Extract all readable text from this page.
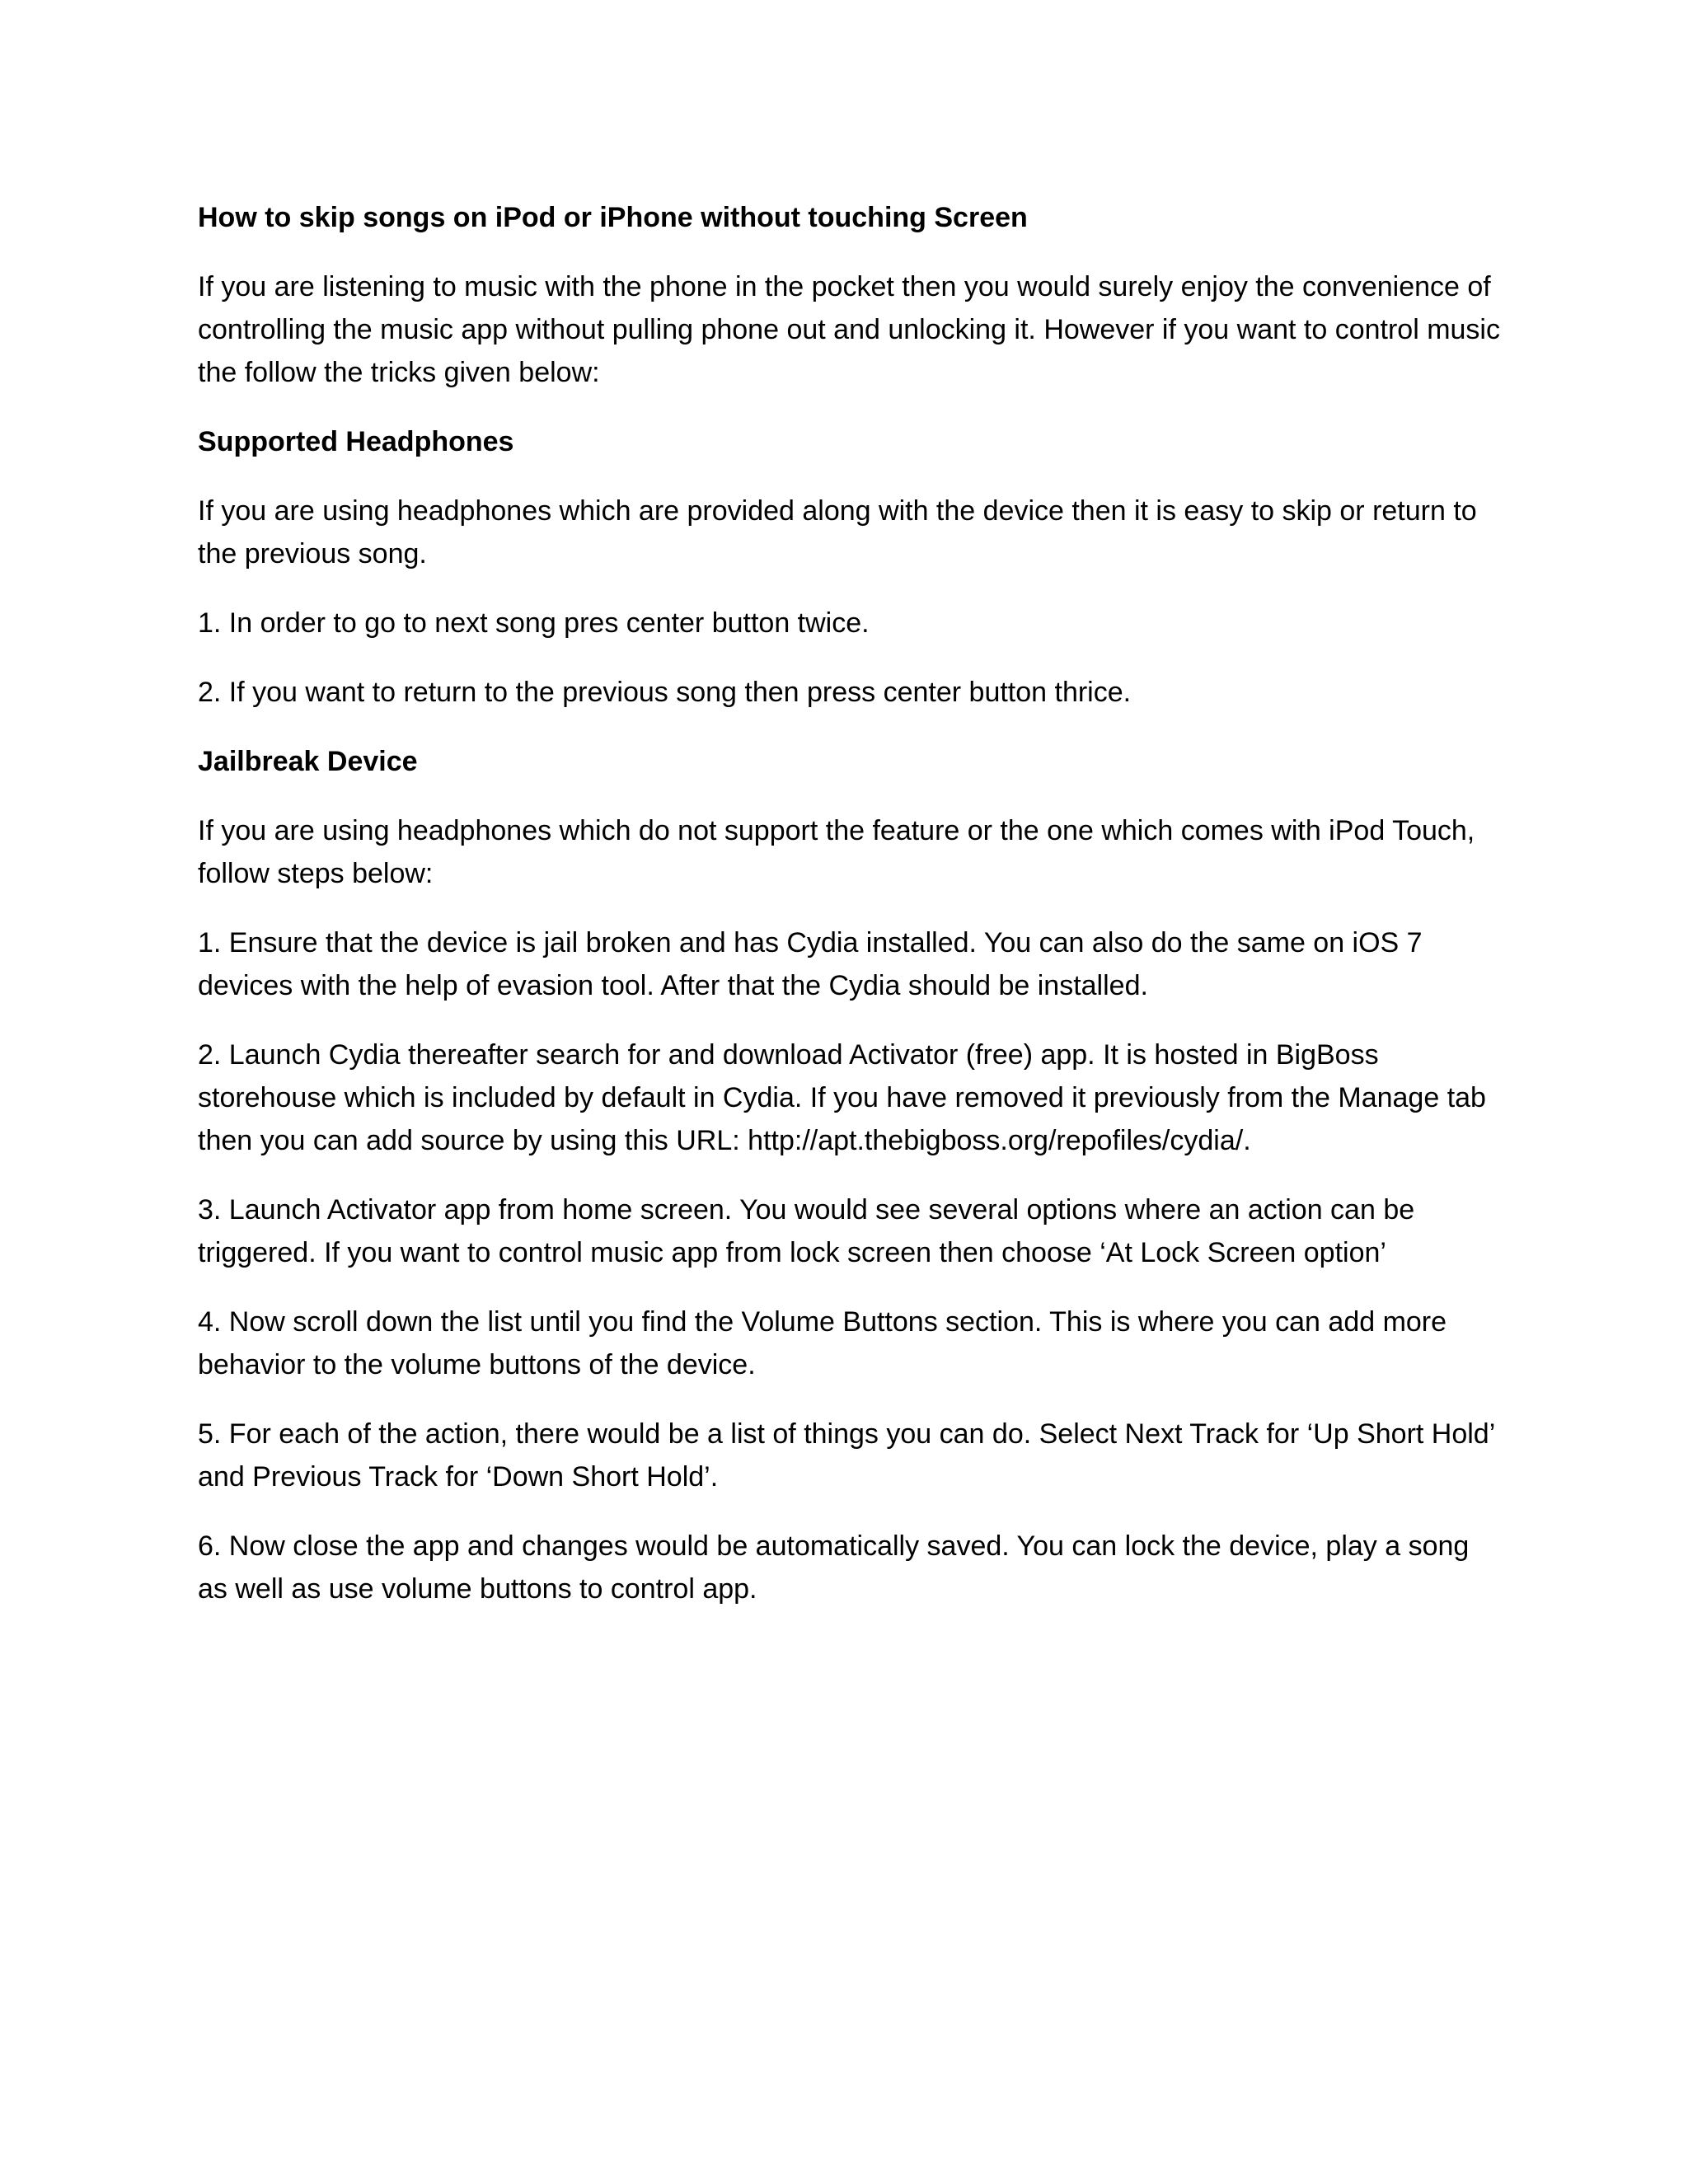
How to skip songs on iPod or iPhone without touching Screen

If you are listening to music with the phone in the pocket then you would surely enjoy the convenience of controlling the music app without pulling phone out and unlocking it. However if you want to control music the follow the tricks given below:

Supported Headphones

If you are using headphones which are provided along with the device then it is easy to skip or return to the previous song.

1. In order to go to next song pres center button twice.

2. If you want to return to the previous song then press center button thrice.

Jailbreak Device

If you are using headphones which do not support the feature or the one which comes with iPod Touch, follow steps below:

1. Ensure that the device is jail broken and has Cydia installed. You can also do the same on iOS 7 devices with the help of evasion tool. After that the Cydia should be installed.

2. Launch Cydia thereafter search for and download Activator (free) app. It is hosted in BigBoss storehouse which is included by default in Cydia. If you have removed it previously from the Manage tab then you can add source by using this URL: http://apt.thebigboss.org/repofiles/cydia/.

3. Launch Activator app from home screen. You would see several options where an action can be triggered. If you want to control music app from lock screen then choose ‘At Lock Screen option’

4. Now scroll down the list until you find the Volume Buttons section. This is where you can add more behavior to the volume buttons of the device.

5. For each of the action, there would be a list of things you can do. Select Next Track for ‘Up Short Hold’ and Previous Track for ‘Down Short Hold’.

6. Now close the app and changes would be automatically saved. You can lock the device, play a song as well as use volume buttons to control app.
